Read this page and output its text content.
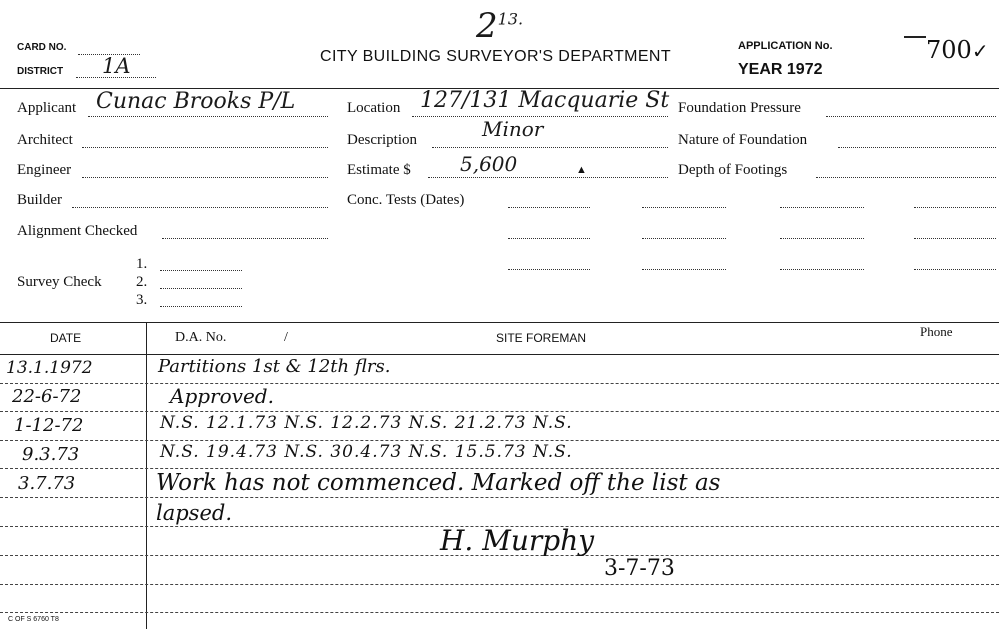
$2^{13.}$
CARD NO.
DISTRICT 1A	CITY BUILDING SURVEYOR'S DEPARTMENT
APPLICATION No.	700✓
YEAR 1972
Applicant Cunac Brooks P/L
Architect
Engineer
Builder
Alignment Checked
Survey Check
1.
2.
3.
Location 127/131 Macquarie St
Description	Minor
Estimate $ 5,600	▲
Conc. Tests (Dates)
Foundation Pressure
Nature of Foundation
Depth of Footings
DATE	D.A. No.	/	SITE FOREMAN	Phone
13.1.1972	Partitions 1st & 12th flrs.
22-6-72	Approved.
1-12-72	N.S. 12.1.73 N.S. 12.2.73 N.S. 21.2.73 N.S.
9.3.73	N.S. 19.4.73 N.S. 30.4.73 N.S. 15.5.73 N.S.
3.7.73	Work has not commenced. Marked off the list as
lapsed.
H. Murphy
3-7-73
C OF S 6760 T8
